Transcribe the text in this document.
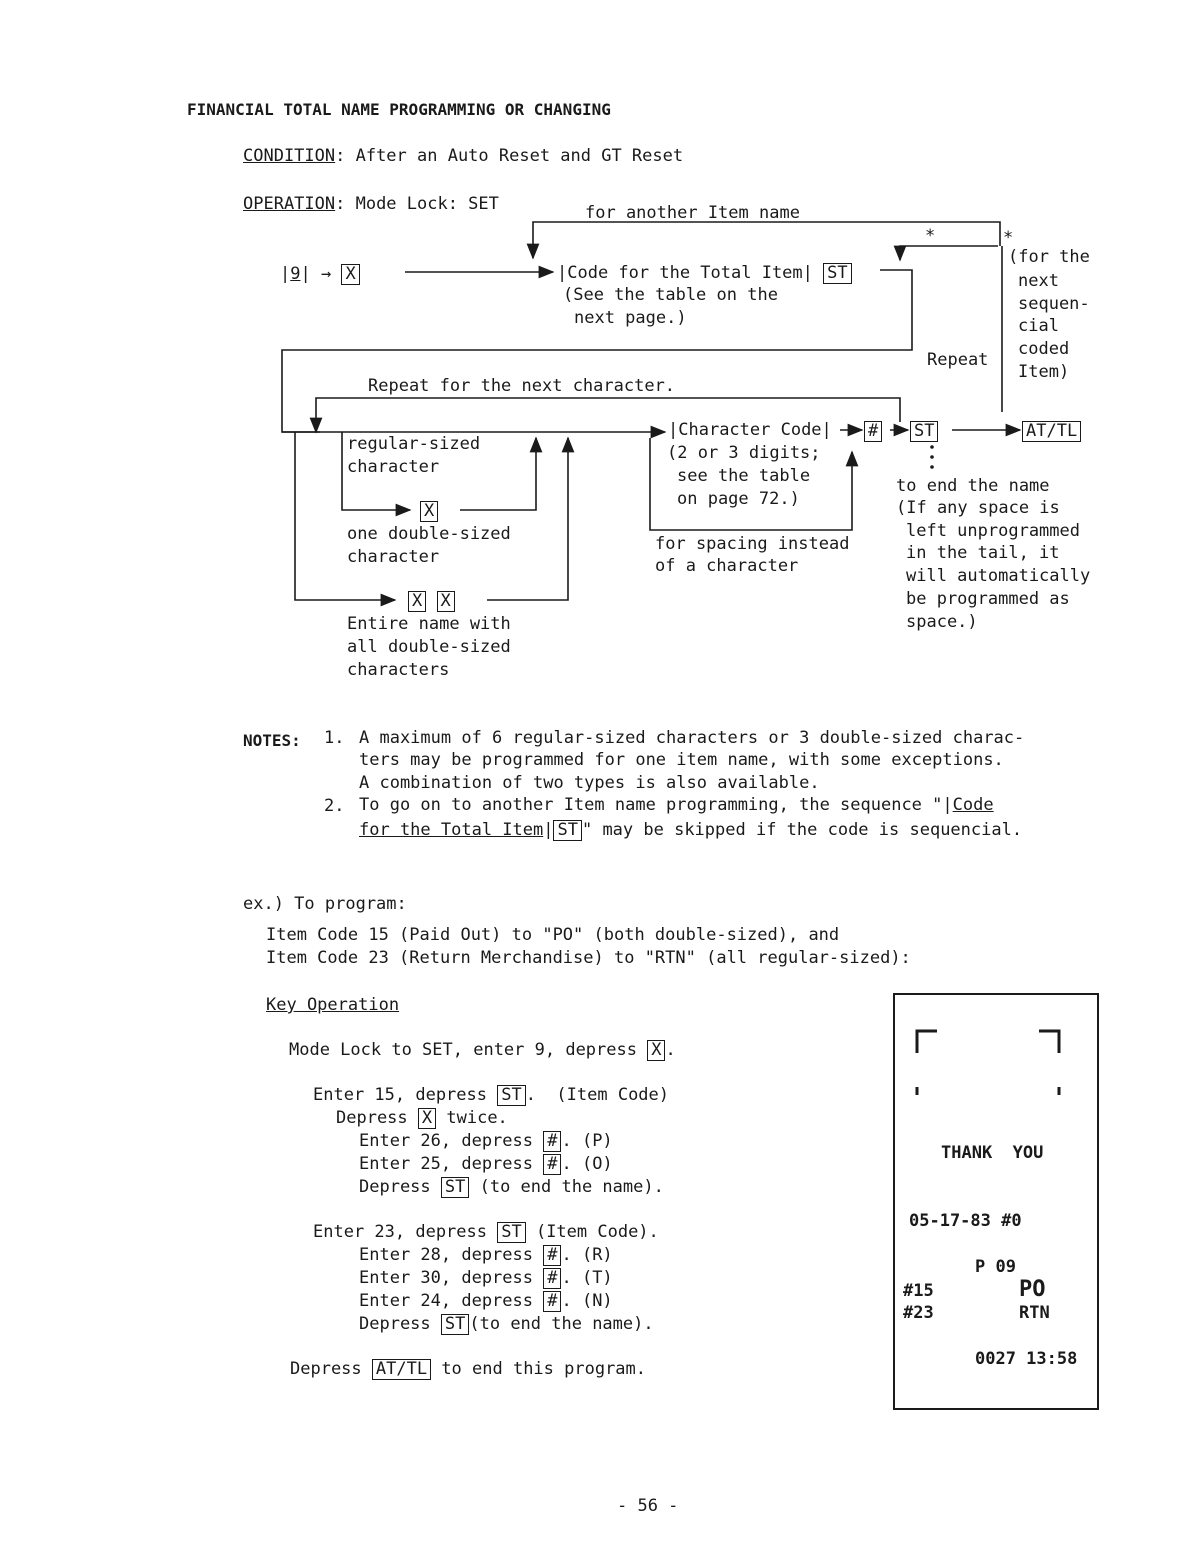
FINANCIAL TOTAL NAME PROGRAMMING OR CHANGING
CONDITION: After an Auto Reset and GT Reset
OPERATION: Mode Lock: SET	for another Item name
*
*
|9| → X	|Code for the Total Item| ST
(See the table on the
next page.)
(for the
next
sequen-
cial
coded
Item)
Repeat
Repeat for the next character.
|Character Code| # ST	AT/TL
(2 or 3 digits;
see the table
on page 72.)
regular-sized
character
X
one double-sized
character
X X
Entire name with
all double-sized
characters
for spacing instead
of a character
to end the name
(If any space is
left unprogrammed
in the tail, it
will automatically
be programmed as
space.)
NOTES: 1. A maximum of 6 regular-sized characters or 3 double-sized charac-
ters may be programmed for one item name, with some exceptions.
A combination of two types is also available.
2. To go on to another Item name programming, the sequence "|Code
for the Total Item| ST " may be skipped if the code is sequencial.
ex.) To program:
Item Code 15 (Paid Out) to "PO" (both double-sized), and
Item Code 23 (Return Merchandise) to "RTN" (all regular-sized):
Key Operation
Mode Lock to SET, enter 9, depress X .
Enter 15, depress ST .  (Item Code)
Depress X twice.
Enter 26, depress # . (P)
Enter 25, depress # . (O)
Depress ST (to end the name).
Enter 23, depress ST (Item Code).
Enter 28, depress # . (R)
Enter 30, depress # . (T)
Enter 24, depress # . (N)
Depress ST (to end the name).
Depress AT/TL to end this program.
THANK  YOU
05-17-83 #0
P 09
#15	PO
#23	RTN
0027 13:58
- 56 -
